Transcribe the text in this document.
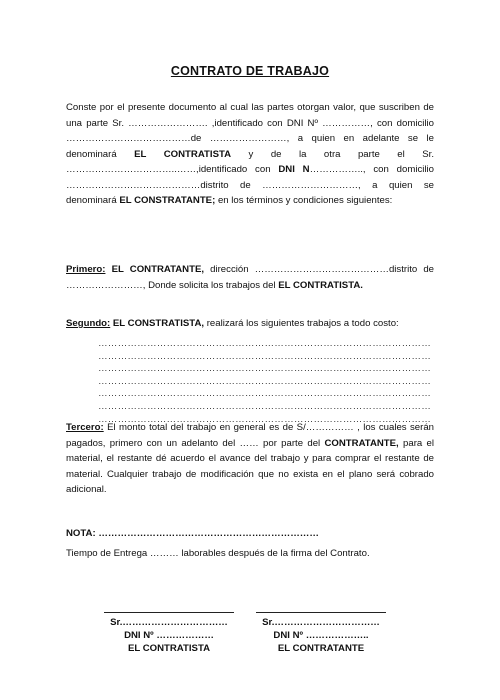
CONTRATO DE TRABAJO

Conste por el presente documento al cual las partes otorgan valor, que suscriben de una parte Sr. ……………………. ,identificado con DNI Nº ……………, con domicilio …………………………………de ……………………, a quien en adelante se le denominará EL CONTRATISTA y de la otra parte el Sr. ……………………………..……,identificado con DNI N…………….., con domicilio ……………………………………distrito de …………………………, a quien se denominará EL CONSTRATANTE; en los términos y condiciones siguientes:

Primero: EL CONTRATANTE, dirección ……………………………………distrito de ……………………, Donde solicita los trabajos del EL CONTRATISTA.

Segundo: EL CONSTRATISTA, realizará los siguientes trabajos a todo costo:

…………………………………………………………………………………………
…………………………………………………………………………………………
…………………………………………………………………………………………
…………………………………………………………………………………………
…………………………………………………………………………………………
…………………………………………………………………………………………
…………………………………………………………………………………………

Tercero: El monto total del trabajo en general es de S/…………… , los cuales serán pagados, primero con un adelanto del …… por parte del CONTRATANTE, para el material, el restante dé acuerdo el avance del trabajo y para comprar el restante de material. Cualquier trabajo de modificación que no exista en el plano será cobrado adicional.

NOTA: ……………………………………………………………

Tiempo de Entrega ……… laborables después de la firma del Contrato.

Sr.……………………………
DNI Nº ………………
EL CONTRATISTA
Sr.……………………………
DNI Nº ………………..
EL CONTRATANTE
